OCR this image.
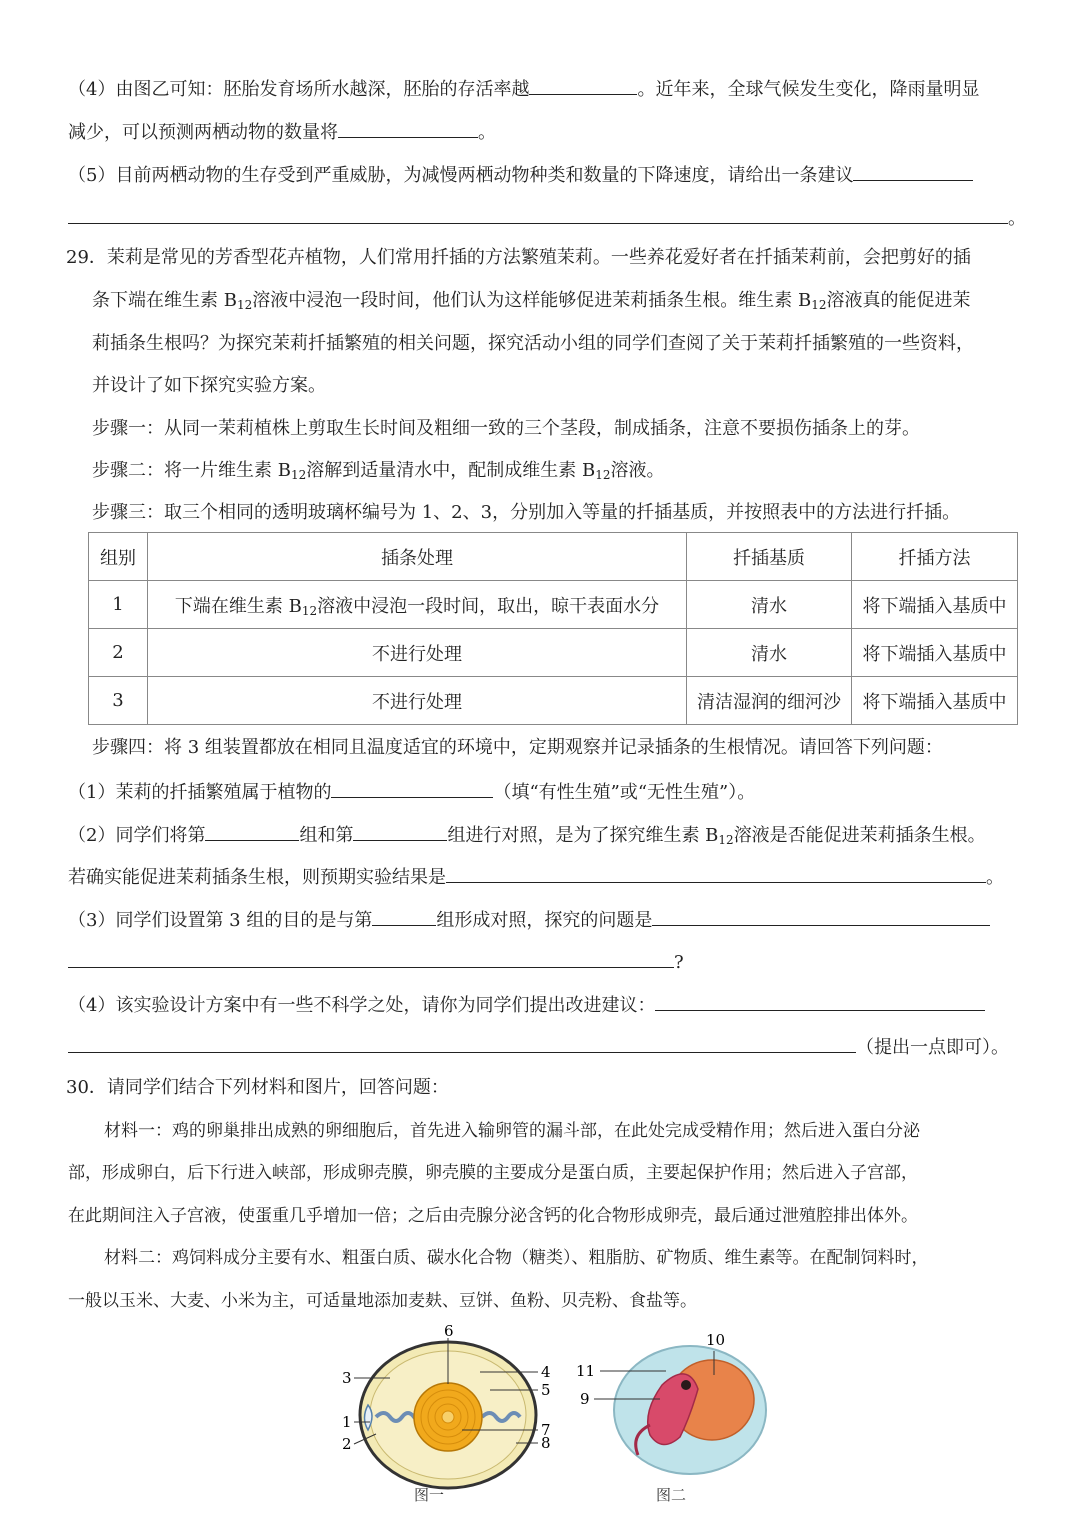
（4）由图乙可知：胚胎发育场所水越深，胚胎的存活率越	。近年来，全球气候发生变化，降雨量明显
减少，可以预测两栖动物的数量将	。
（5）目前两栖动物的生存受到严重威胁，为减慢两栖动物种类和数量的下降速度，请给出一条建议
。
29．茉莉是常见的芳香型花卉植物，人们常用扦插的方法繁殖茉莉。一些养花爱好者在扦插茉莉前，会把剪好的插
条下端在维生素 $B_{12}$溶液中浸泡一段时间，他们认为这样能够促进茉莉插条生根。维生素 $B_{12}$溶液真的能促进茉
莉插条生根吗？为探究茉莉扦插繁殖的相关问题，探究活动小组的同学们查阅了关于茉莉扦插繁殖的一些资料，
并设计了如下探究实验方案。
步骤一：从同一茉莉植株上剪取生长时间及粗细一致的三个茎段，制成插条，注意不要损伤插条上的芽。
步骤二：将一片维生素 $B_{12}$溶解到适量清水中，配制成维生素 $B_{12}$溶液。
步骤三：取三个相同的透明玻璃杯编号为 1、2、3，分别加入等量的扦插基质，并按照表中的方法进行扦插。
组别	插条处理	扦插基质	扦插方法
1	下端在维生素 $B_{12}$溶液中浸泡一段时间，取出，晾干表面水分	清水	将下端插入基质中
2	不进行处理	清水	将下端插入基质中
3	不进行处理	清洁湿润的细河沙	将下端插入基质中
步骤四：将 3 组装置都放在相同且温度适宜的环境中，定期观察并记录插条的生根情况。请回答下列问题：
（1）茉莉的扦插繁殖属于植物的	（填“有性生殖”或“无性生殖”）。
（2）同学们将第	组和第	组进行对照，是为了探究维生素 $B_{12}$溶液是否能促进茉莉插条生根。
若确实能促进茉莉插条生根，则预期实验结果是	。
（3）同学们设置第 3 组的目的是与第	组形成对照，探究的问题是
?
（4）该实验设计方案中有一些不科学之处，请你为同学们提出改进建议：
（提出一点即可）。
30．请同学们结合下列材料和图片，回答问题：
材料一：鸡的卵巢排出成熟的卵细胞后，首先进入输卵管的漏斗部，在此处完成受精作用；然后进入蛋白分泌
部，形成卵白，后下行进入峡部，形成卵壳膜，卵壳膜的主要成分是蛋白质，主要起保护作用；然后进入子宫部，
在此期间注入子宫液，使蛋重几乎增加一倍；之后由壳腺分泌含钙的化合物形成卵壳，最后通过泄殖腔排出体外。
材料二：鸡饲料成分主要有水、粗蛋白质、碳水化合物（糖类）、粗脂肪、矿物质、维生素等。在配制饲料时，
一般以玉米、大麦、小米为主，可适量地添加麦麸、豆饼、鱼粉、贝壳粉、食盐等。
6
3
1
2
4
5
7
8
图一
11
9
10
图二
